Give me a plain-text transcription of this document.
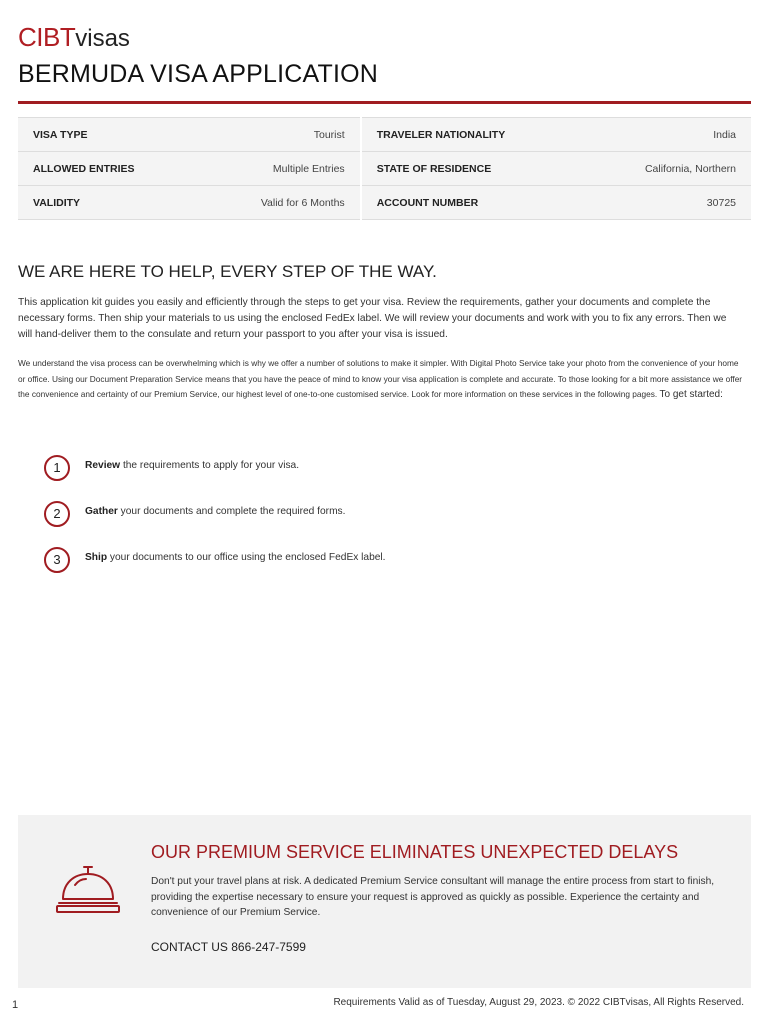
CIBTvisas
BERMUDA VISA APPLICATION
VISA TYPE	Tourist	TRAVELER NATIONALITY	India
ALLOWED ENTRIES	Multiple Entries	STATE OF RESIDENCE	California, Northern
VALIDITY	Valid for 6 Months	ACCOUNT NUMBER	30725
WE ARE HERE TO HELP, EVERY STEP OF THE WAY.

This application kit guides you easily and efficiently through the steps to get your visa. Review the requirements, gather your documents and complete the necessary forms. Then ship your materials to us using the enclosed FedEx label. We will review your documents and work with you to fix any errors. Then we will hand-deliver them to the consulate and return your passport to you after your visa is issued.

We understand the visa process can be overwhelming which is why we offer a number of solutions to make it simpler. With Digital Photo Service take your photo from the convenience of your home or office. Using our Document Preparation Service means that you have the peace of mind to know your visa application is complete and accurate. To those looking for a bit more assistance we offer the convenience and certainty of our Premium Service, our highest level of one-to-one customised service. Look for more information on these services in the following pages. To get started:

1	Review the requirements to apply for your visa.
2	Gather your documents and complete the required forms.
3	Ship your documents to our office using the enclosed FedEx label.
OUR PREMIUM SERVICE ELIMINATES UNEXPECTED DELAYS

Don't put your travel plans at risk. A dedicated Premium Service consultant will manage the entire process from start to finish, providing the expertise necessary to ensure your request is approved as quickly as possible. Experience the certainty and convenience of our Premium Service.

CONTACT US 866-247-7599

1	Requirements Valid as of Tuesday, August 29, 2023. © 2022 CIBTvisas, All Rights Reserved.
